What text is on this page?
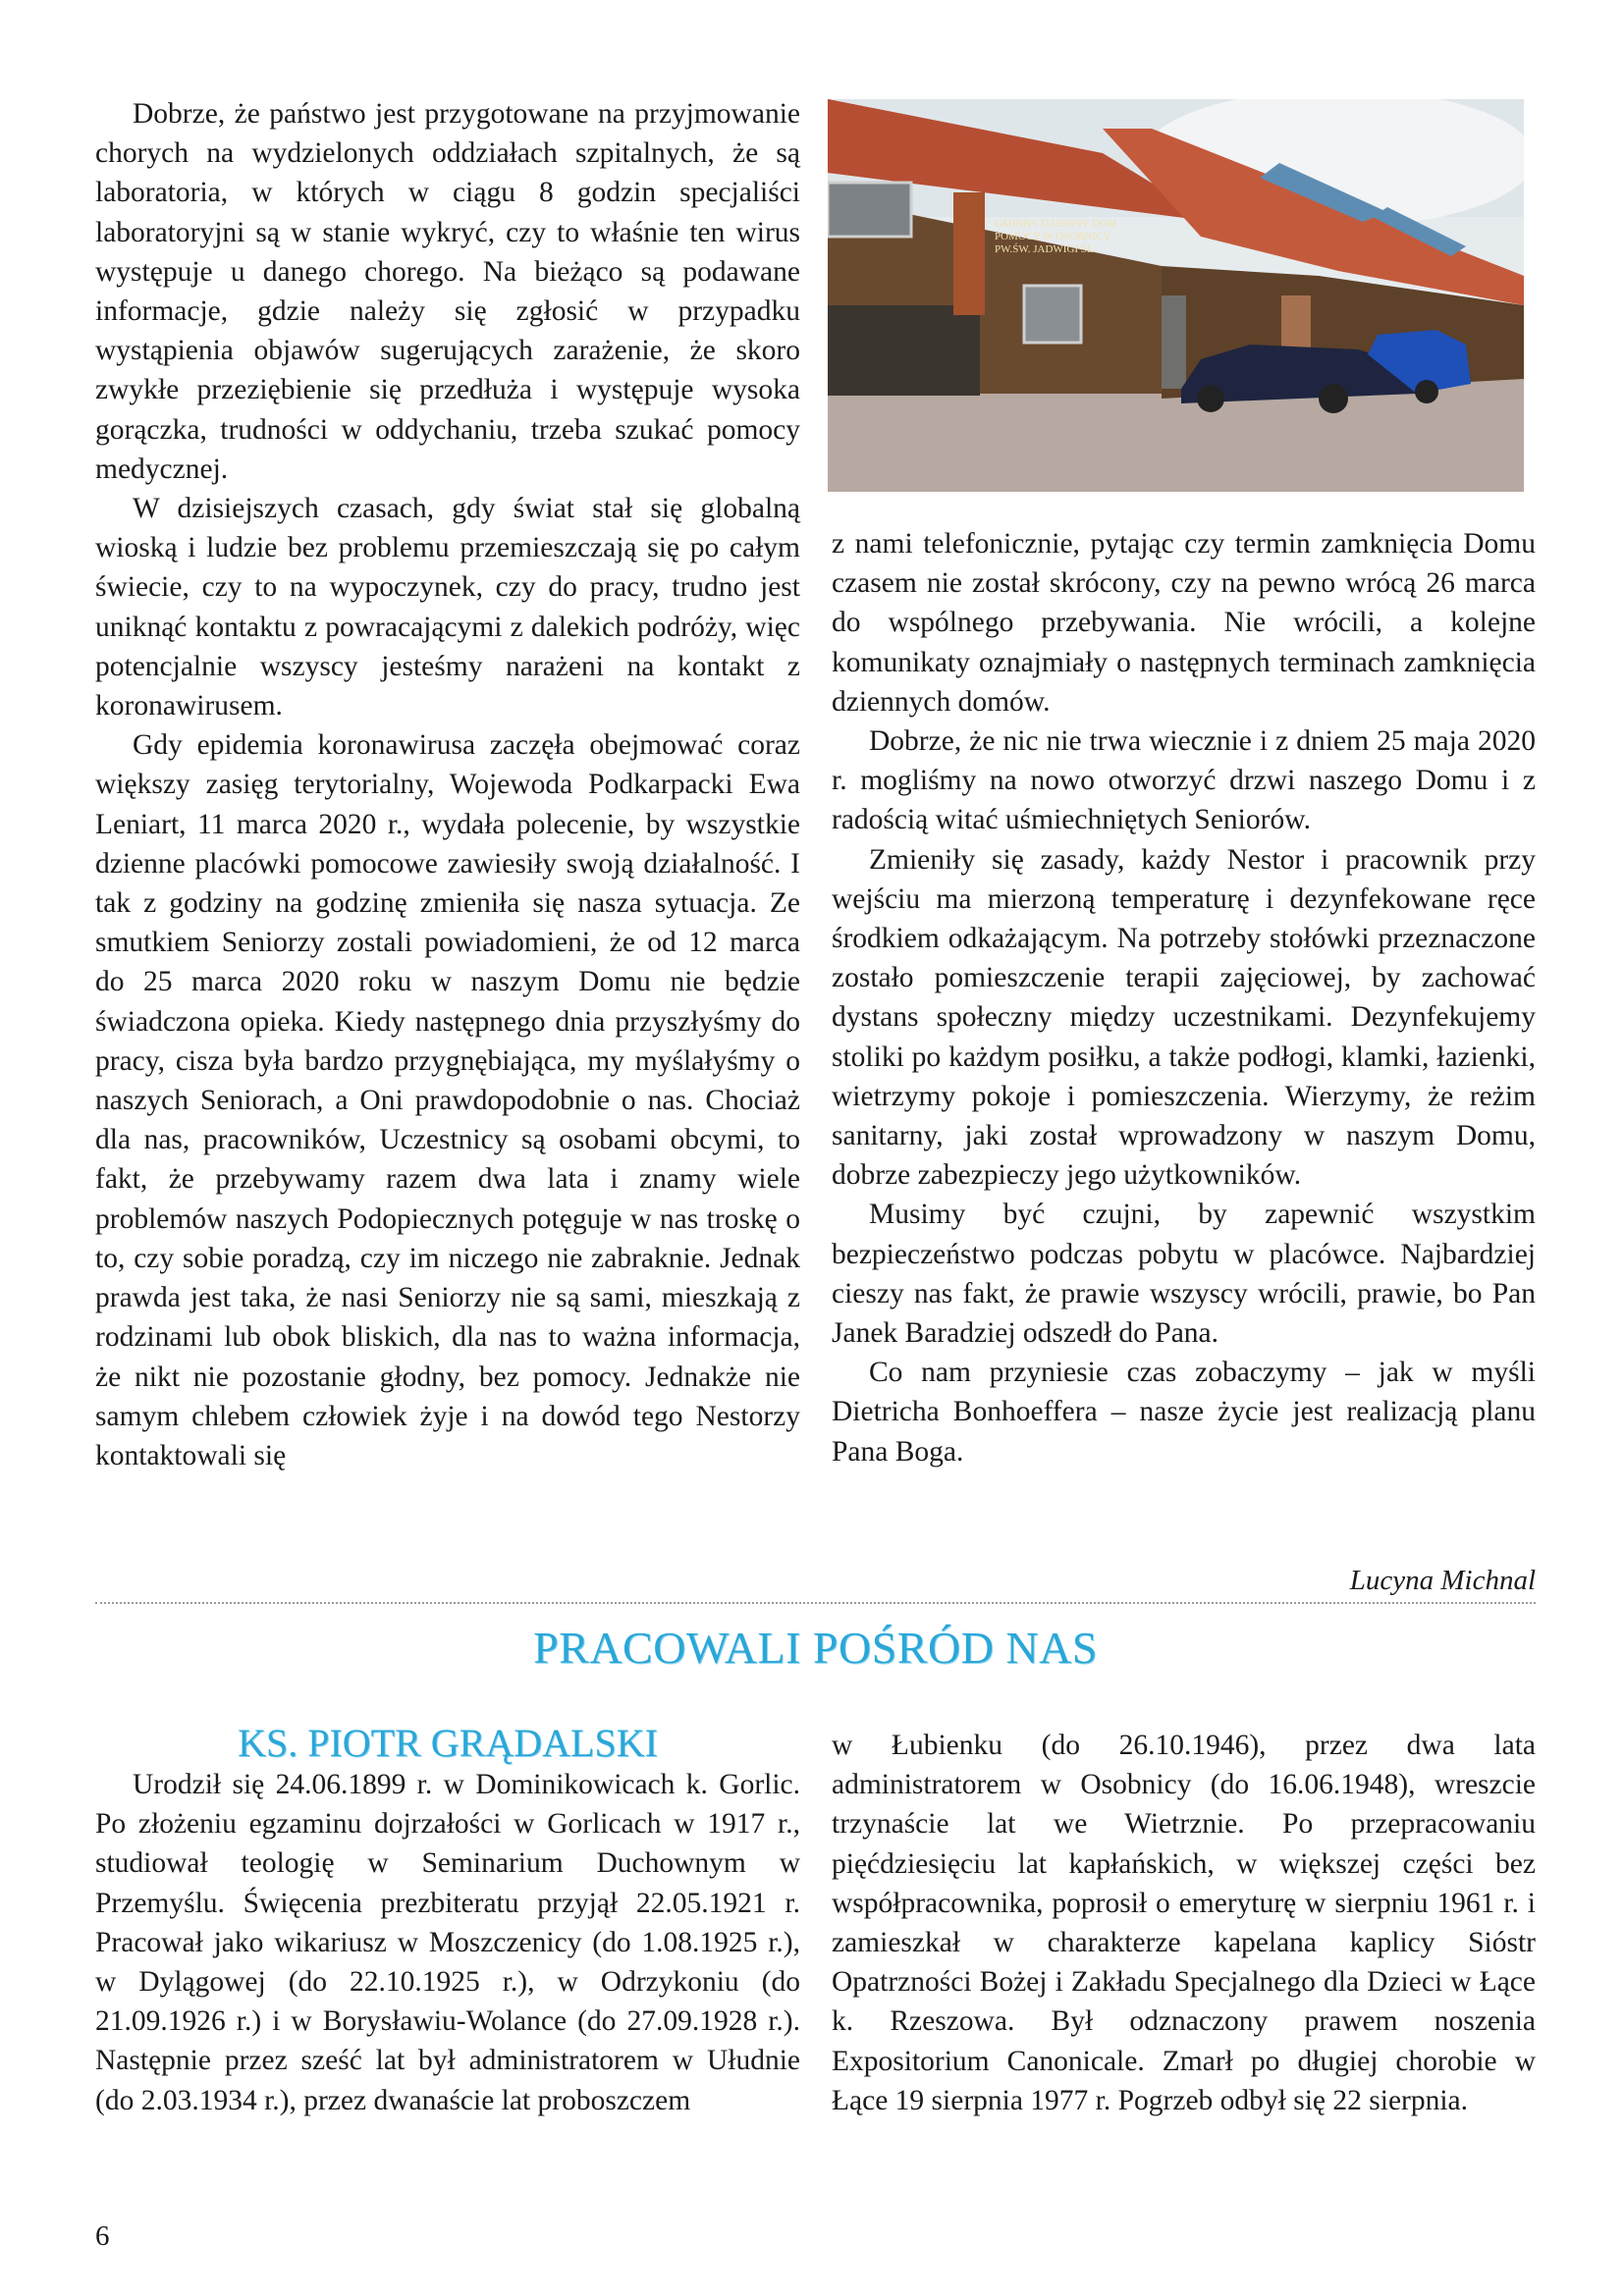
Dobrze, że państwo jest przygotowane na przyjmowanie chorych na wydzielonych oddziałach szpitalnych, że są laboratoria, w których w ciągu 8 godzin specjaliści laboratoryjni są w stanie wykryć, czy to właśnie ten wirus występuje u danego chorego. Na bieżąco są podawane informacje, gdzie należy się zgłosić w przypadku wystąpienia objawów sugerujących zarażenie, że skoro zwykłe przeziębienie się przedłuża i występuje wysoka gorączka, trudności w oddychaniu, trzeba szukać pomocy medycznej.

W dzisiejszych czasach, gdy świat stał się globalną wioską i ludzie bez problemu przemieszczają się po całym świecie, czy to na wypoczynek, czy do pracy, trudno jest uniknąć kontaktu z powracającymi z dalekich podróży, więc potencjalnie wszyscy jesteśmy narażeni na kontakt z koronawirusem.

Gdy epidemia koronawirusa zaczęła obejmować coraz większy zasięg terytorialny, Wojewoda Podkarpacki Ewa Leniart, 11 marca 2020 r., wydała polecenie, by wszystkie dzienne placówki pomocowe zawiesiły swoją działalność. I tak z godziny na godzinę zmieniła się nasza sytuacja. Ze smutkiem Seniorzy zostali powiadomieni, że od 12 marca do 25 marca 2020 roku w naszym Domu nie będzie świadczona opieka. Kiedy następnego dnia przyszłyśmy do pracy, cisza była bardzo przygnębiająca, my myślałyśmy o naszych Seniorach, a Oni prawdopodobnie o nas. Chociaż dla nas, pracowników, Uczestnicy są osobami obcymi, to fakt, że przebywamy razem dwa lata i znamy wiele problemów naszych Podopiecznych potęguje w nas troskę o to, czy sobie poradzą, czy im niczego nie zabraknie. Jednak prawda jest taka, że nasi Seniorzy nie są sami, mieszkają z rodzinami lub obok bliskich, dla nas to ważna informacja, że nikt nie pozostanie głodny, bez pomocy. Jednakże nie samym chlebem człowiek żyje i na dowód tego Nestorzy kontaktowali się

GMINNY DZIENNY DOM
POMOCY W OSOBNICY
PW.ŚW. JADWIGI ŚL.

z nami telefonicznie, pytając czy termin zamknięcia Domu czasem nie został skrócony, czy na pewno wrócą 26 marca do wspólnego przebywania. Nie wrócili, a kolejne komunikaty oznajmiały o następnych terminach zamknięcia dziennych domów.

Dobrze, że nic nie trwa wiecznie i z dniem 25 maja 2020 r. mogliśmy na nowo otworzyć drzwi naszego Domu i z radością witać uśmiechniętych Seniorów.

Zmieniły się zasady, każdy Nestor i pracownik przy wejściu ma mierzoną temperaturę i dezynfekowane ręce środkiem odkażającym. Na potrzeby stołówki przeznaczone zostało pomieszczenie terapii zajęciowej, by zachować dystans społeczny między uczestnikami. Dezynfekujemy stoliki po każdym posiłku, a także podłogi, klamki, łazienki, wietrzymy pokoje i pomieszczenia. Wierzymy, że reżim sanitarny, jaki został wprowadzony w naszym Domu, dobrze zabezpieczy jego użytkowników.

Musimy być czujni, by zapewnić wszystkim bezpieczeństwo podczas pobytu w placówce. Najbardziej cieszy nas fakt, że prawie wszyscy wrócili, prawie, bo Pan Janek Baradziej odszedł do Pana.

Co nam przyniesie czas zobaczymy – jak w myśli Dietricha Bonhoeffera – nasze życie jest realizacją planu Pana Boga.

Lucyna Michnal
PRACOWALI POŚRÓD NAS
KS. PIOTR GRĄDALSKI

Urodził się 24.06.1899 r. w Dominikowicach k. Gorlic. Po złożeniu egzaminu dojrzałości w Gorlicach w 1917 r., studiował teologię w Seminarium Duchownym w Przemyślu. Święcenia prezbiteratu przyjął 22.05.1921 r. Pracował jako wikariusz w Moszczenicy (do 1.08.1925 r.), w Dylągowej (do 22.10.1925 r.), w Odrzykoniu (do 21.09.1926 r.) i w Borysławiu-Wolance (do 27.09.1928 r.). Następnie przez sześć lat był administratorem w Ułudnie (do 2.03.1934 r.), przez dwanaście lat proboszczem

w Łubienku (do 26.10.1946), przez dwa lata administratorem w Osobnicy (do 16.06.1948), wreszcie trzynaście lat we Wietrznie. Po przepracowaniu pięćdziesięciu lat kapłańskich, w większej części bez współpracownika, poprosił o emeryturę w sierpniu 1961 r. i zamieszkał w charakterze kapelana kaplicy Sióstr Opatrzności Bożej i Zakładu Specjalnego dla Dzieci w Łące k. Rzeszowa. Był odznaczony prawem noszenia Expositorium Canonicale. Zmarł po długiej chorobie w Łące 19 sierpnia 1977 r. Pogrzeb odbył się 22 sierpnia.

6
